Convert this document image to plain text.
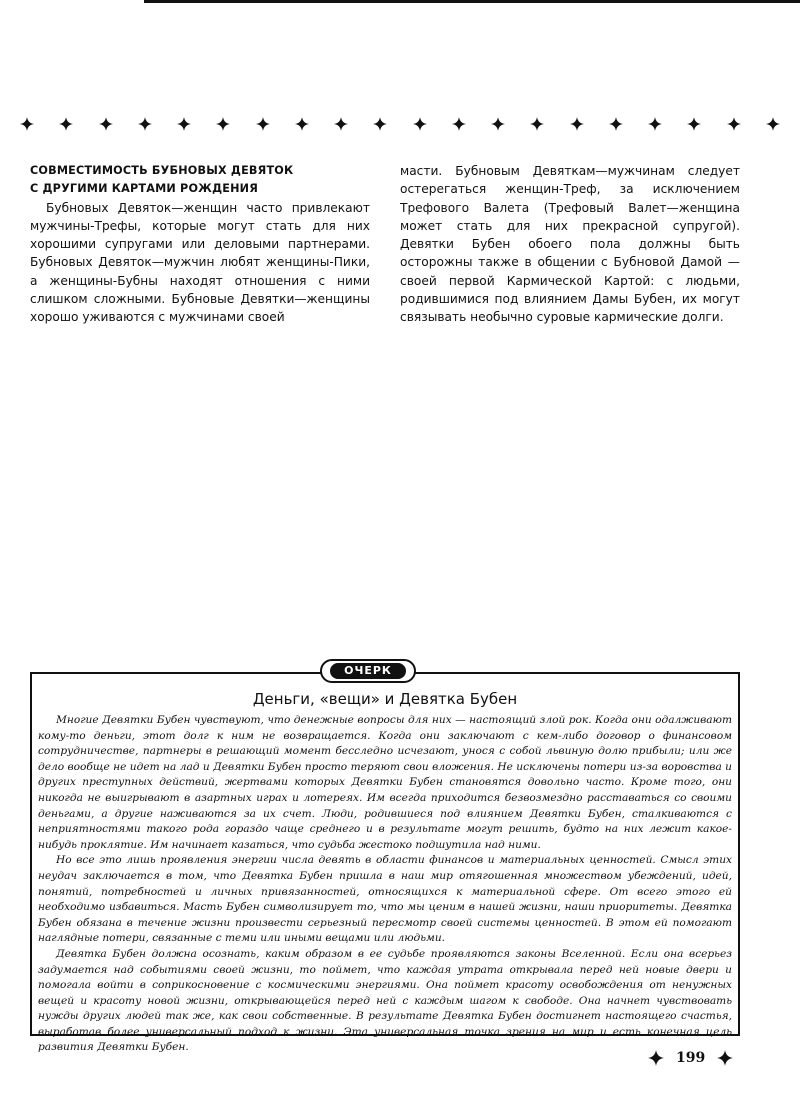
СОВМЕСТИМОСТЬ БУБНОВЫХ ДЕВЯТОК

С ДРУГИМИ КАРТАМИ РОЖДЕНИЯ

Бубновых Девяток—женщин часто привлекают мужчины-Трефы, которые могут стать для них хорошими супругами или деловыми партнерами. Бубновых Девяток—мужчин любят женщины-Пики, а женщины-Бубны находят отношения с ними слишком сложными. Бубновые Девятки—женщины хорошо уживаются с мужчинами своей

масти. Бубновым Девяткам—мужчинам следует остерегаться женщин-Треф, за исключением Трефового Валета (Трефовый Валет—женщина может стать для них прекрасной супругой). Девятки Бубен обоего пола должны быть осторожны также в общении с Бубновой Дамой — своей первой Кармической Картой: с людьми, родившимися под влиянием Дамы Бубен, их могут связывать необычно суровые кармические долги.

ОЧЕРК
Деньги, «вещи» и Девятка Бубен

Многие Девятки Бубен чувствуют, что денежные вопросы для них — настоящий злой рок. Когда они одалживают кому-то деньги, этот долг к ним не возвращается. Когда они заключают с кем-либо договор о финансовом сотрудничестве, партнеры в решающий момент бесследно исчезают, унося с собой львиную долю прибыли; или же дело вообще не идет на лад и Девятки Бубен просто теряют свои вложения. Не исключены потери из-за воровства и других преступных действий, жертвами которых Девятки Бубен становятся довольно часто. Кроме того, они никогда не выигрывают в азартных играх и лотереях. Им всегда приходится безвозмездно расставаться со своими деньгами, а другие наживаются за их счет. Люди, родившиеся под влиянием Девятки Бубен, сталкиваются с неприятностями такого рода гораздо чаще среднего и в результате могут решить, будто на них лежит какое-нибудь проклятие. Им начинает казаться, что судьба жестоко подшутила над ними.

Но все это лишь проявления энергии числа девять в области финансов и материальных ценностей. Смысл этих неудач заключается в том, что Девятка Бубен пришла в наш мир отягошенная множеством убеждений, идей, понятий, потребностей и личных привязанностей, относящихся к материальной сфере. От всего этого ей необходимо избавиться. Масть Бубен символизирует то, что мы ценим в нашей жизни, наши приоритеты. Девятка Бубен обязана в течение жизни произвести серьезный пересмотр своей системы ценностей. В этом ей помогают наглядные потери, связанные с теми или иными вещами или людьми.

Девятка Бубен должна осознать, каким образом в ее судьбе проявляются законы Вселенной. Если она всерьез задумается над событиями своей жизни, то поймет, что каждая утрата открывала перед ней новые двери и помогала войти в соприкосновение с космическими энергиями. Она поймет красоту освобождения от ненужных вещей и красоту новой жизни, открывающейся перед ней с каждым шагом к свободе. Она начнет чувствовать нужды других людей так же, как свои собственные. В результате Девятка Бубен достигнет настоящего счастья, выработав более универсальный подход к жизни. Эта универсальная точка зрения на мир и есть конечная цель развития Девятки Бубен.

199
